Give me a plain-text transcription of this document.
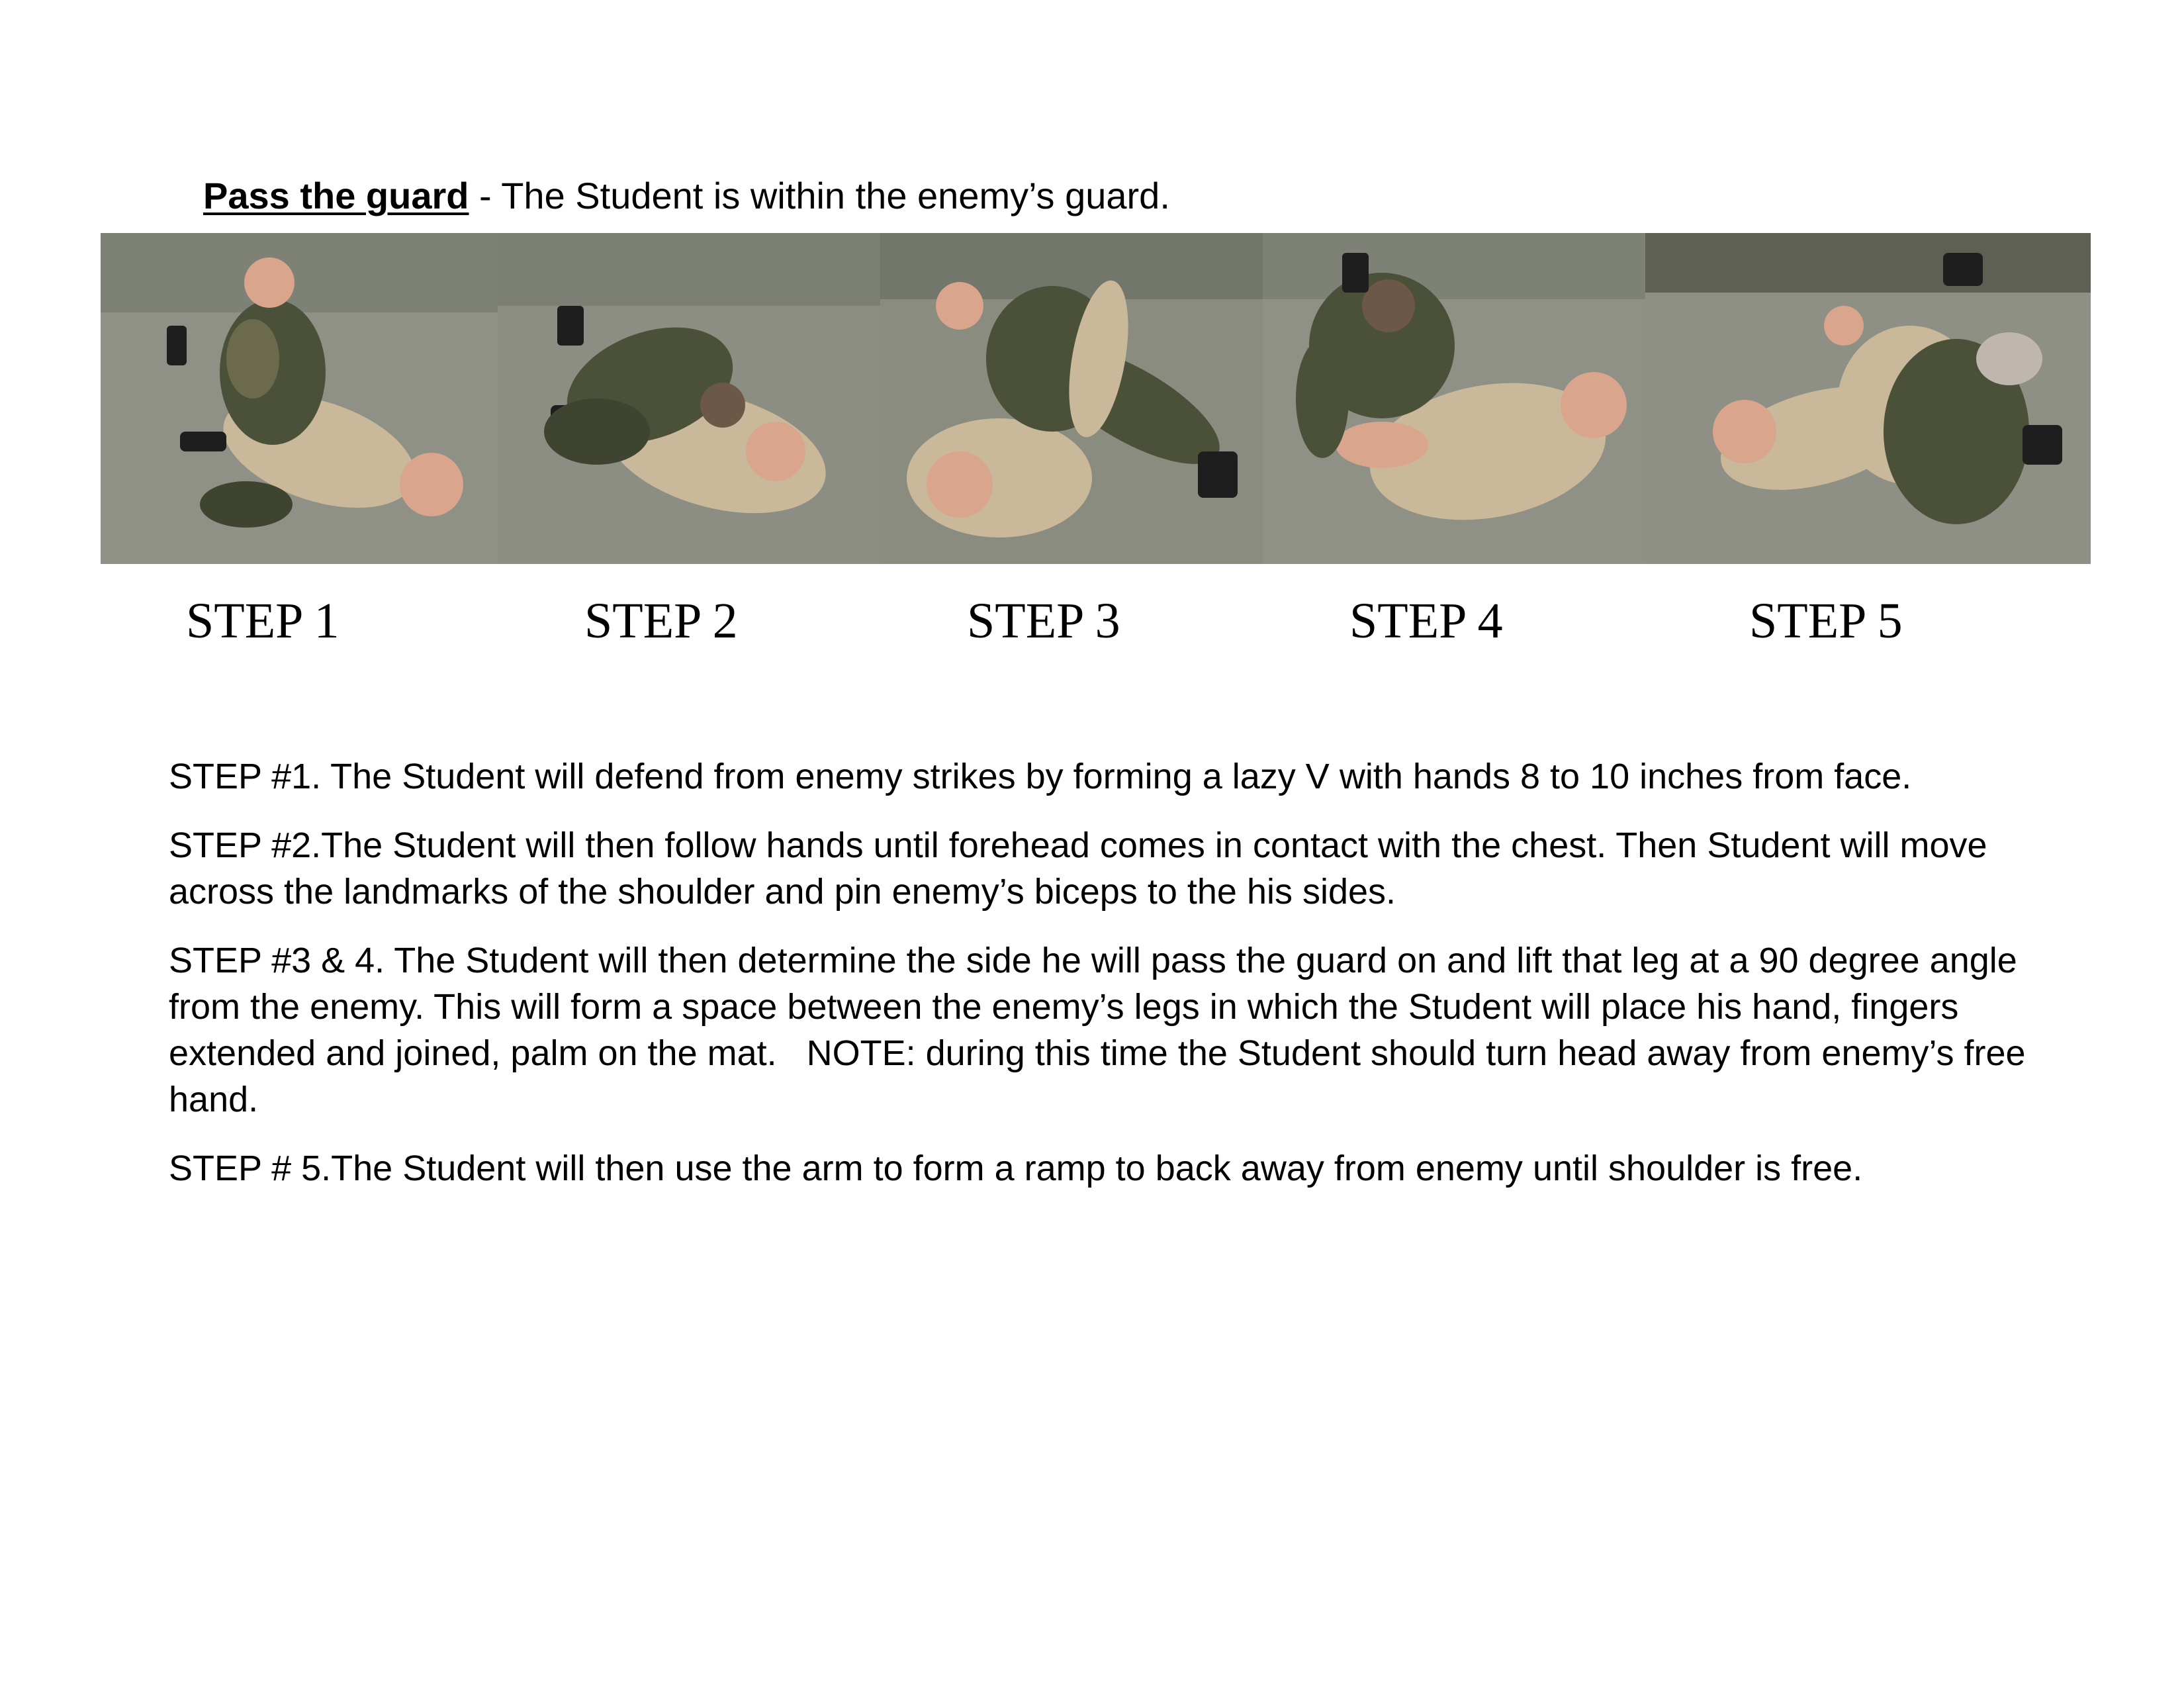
Pass the guard - The Student is within the enemy’s guard.
STEP 1	STEP 2	STEP 3	STEP 4	STEP 5

STEP #1. The Student will defend from enemy strikes by forming a lazy V with hands 8 to 10 inches from face.

STEP #2.The Student will then follow hands until forehead comes in contact with the chest. Then Student will move across the landmarks of the shoulder and pin enemy’s biceps to the his sides.

STEP #3 & 4. The Student will then determine the side he will pass the guard on and lift that leg at a 90 degree angle from the enemy. This will form a space between the enemy’s legs in which the Student will place his hand, fingers extended and joined, palm on the mat.   NOTE: during this time the Student should turn head away from enemy’s free hand.

STEP # 5.The Student will then use the arm to form a ramp to back away from enemy until shoulder is free.
